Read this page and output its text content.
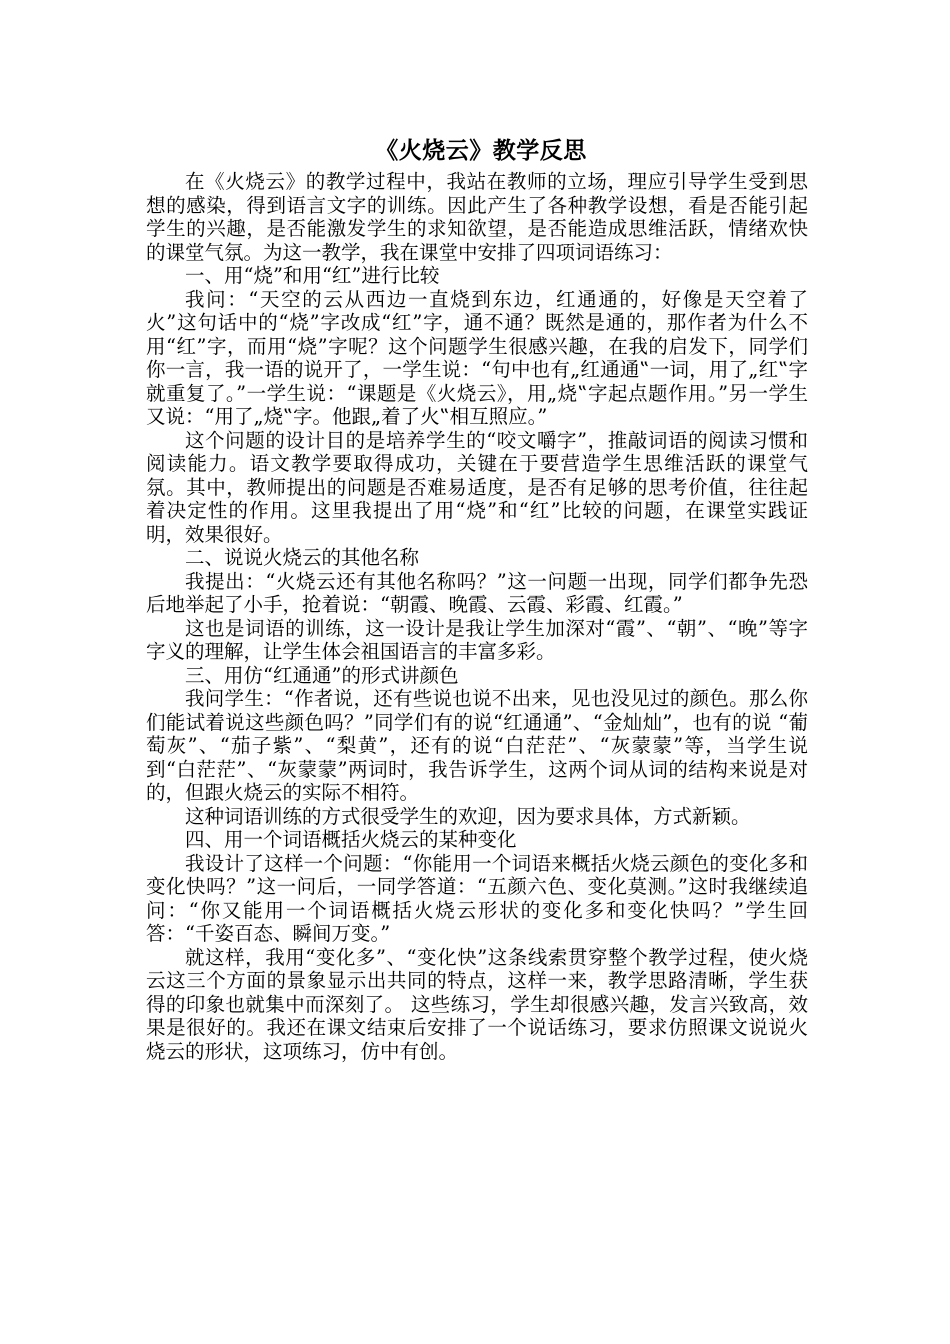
《火烧云》教学反思

在《火烧云》的教学过程中，我站在教师的立场，理应引导学生受到思想的感染，得到语言文字的训练。因此产生了各种教学设想，看是否能引起学生的兴趣，是否能激发学生的求知欲望，是否能造成思维活跃，情绪欢快的课堂气氛。为这一教学，我在课堂中安排了四项词语练习：

一、用“烧”和用“红”进行比较

我问：“天空的云从西边一直烧到东边，红通通的，好像是天空着了火”这句话中的“烧”字改成“红”字，通不通？既然是通的，那作者为什么不用“红”字，而用“烧”字呢？这个问题学生很感兴趣，在我的启发下，同学们你一言，我一语的说开了，一学生说：“句中也有„红通通‟一词，用了„红‟字就重复了。”一学生说：“课题是《火烧云》，用„烧‟字起点题作用。”另一学生又说：“用了„烧‟字。他跟„着了火‟相互照应。”

这个问题的设计目的是培养学生的“咬文嚼字”，推敲词语的阅读习惯和阅读能力。语文教学要取得成功，关键在于要营造学生思维活跃的课堂气氛。其中，教师提出的问题是否难易适度，是否有足够的思考价值，往往起着决定性的作用。这里我提出了用“烧”和“红”比较的问题，在课堂实践证明，效果很好。

二、说说火烧云的其他名称

我提出：“火烧云还有其他名称吗？”这一问题一出现，同学们都争先恐后地举起了小手，抢着说：“朝霞、晚霞、云霞、彩霞、红霞。”

这也是词语的训练，这一设计是我让学生加深对“霞”、“朝”、“晚”等字字义的理解，让学生体会祖国语言的丰富多彩。

三、用仿“红通通”的形式讲颜色

我问学生：“作者说，还有些说也说不出来，见也没见过的颜色。那么你们能试着说这些颜色吗？”同学们有的说“红通通”、“金灿灿”，也有的说 “葡萄灰”、“茄子紫”、“梨黄”，还有的说“白茫茫”、“灰蒙蒙”等，当学生说到“白茫茫”、“灰蒙蒙”两词时，我告诉学生，这两个词从词的结构来说是对的，但跟火烧云的实际不相符。

这种词语训练的方式很受学生的欢迎，因为要求具体，方式新颖。

四、用一个词语概括火烧云的某种变化

我设计了这样一个问题：“你能用一个词语来概括火烧云颜色的变化多和变化快吗？”这一问后，一同学答道：“五颜六色、变化莫测。”这时我继续追问：“你又能用一个词语概括火烧云形状的变化多和变化快吗？”学生回答：“千姿百态、瞬间万变。”

就这样，我用“变化多”、“变化快”这条线索贯穿整个教学过程，使火烧云这三个方面的景象显示出共同的特点，这样一来，教学思路清晰，学生获得的印象也就集中而深刻了。 这些练习，学生却很感兴趣，发言兴致高，效果是很好的。我还在课文结束后安排了一个说话练习，要求仿照课文说说火烧云的形状，这项练习，仿中有创。
